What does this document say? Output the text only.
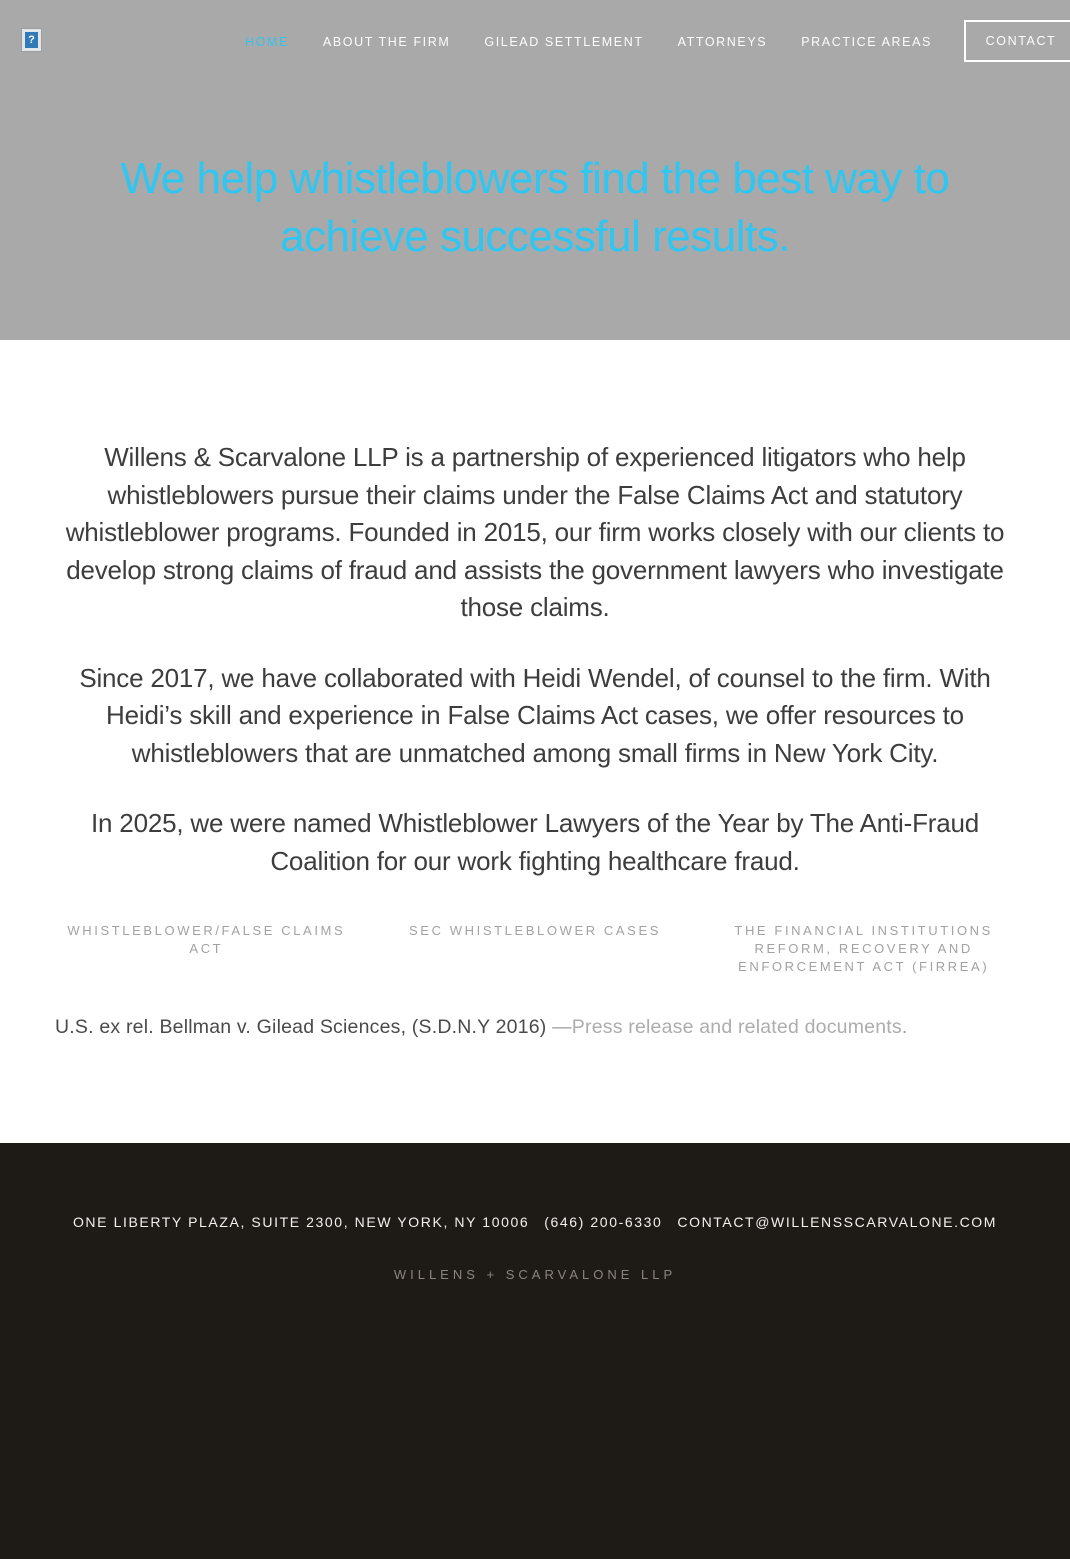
?	HOME	ABOUT THE FIRM	GILEAD SETTLEMENT	ATTORNEYS	PRACTICE AREAS	CONTACT
We help whistleblowers find the best way to
achieve successful results.

Willens & Scarvalone LLP is a partnership of experienced litigators who help whistleblowers pursue their claims under the False Claims Act and statutory whistleblower programs. Founded in 2015, our firm works closely with our clients to develop strong claims of fraud and assists the government lawyers who investigate those claims.

Since 2017, we have collaborated with Heidi Wendel, of counsel to the firm. With Heidi’s skill and experience in False Claims Act cases, we offer resources to whistleblowers that are unmatched among small firms in New York City.

In 2025, we were named Whistleblower Lawyers of the Year by The Anti-Fraud Coalition for our work fighting healthcare fraud.

WHISTLEBLOWER/FALSE CLAIMS ACT
SEC WHISTLEBLOWER CASES	THE FINANCIAL INSTITUTIONS REFORM, RECOVERY AND ENFORCEMENT ACT (FIRREA)
U.S. ex rel. Bellman v. Gilead Sciences, (S.D.N.Y 2016) —Press release and related documents.
ONE LIBERTY PLAZA, SUITE 2300, NEW YORK, NY 10006 (646) 200-6330 CONTACT@WILLENSSCARVALONE.COM
WILLENS + SCARVALONE LLP
